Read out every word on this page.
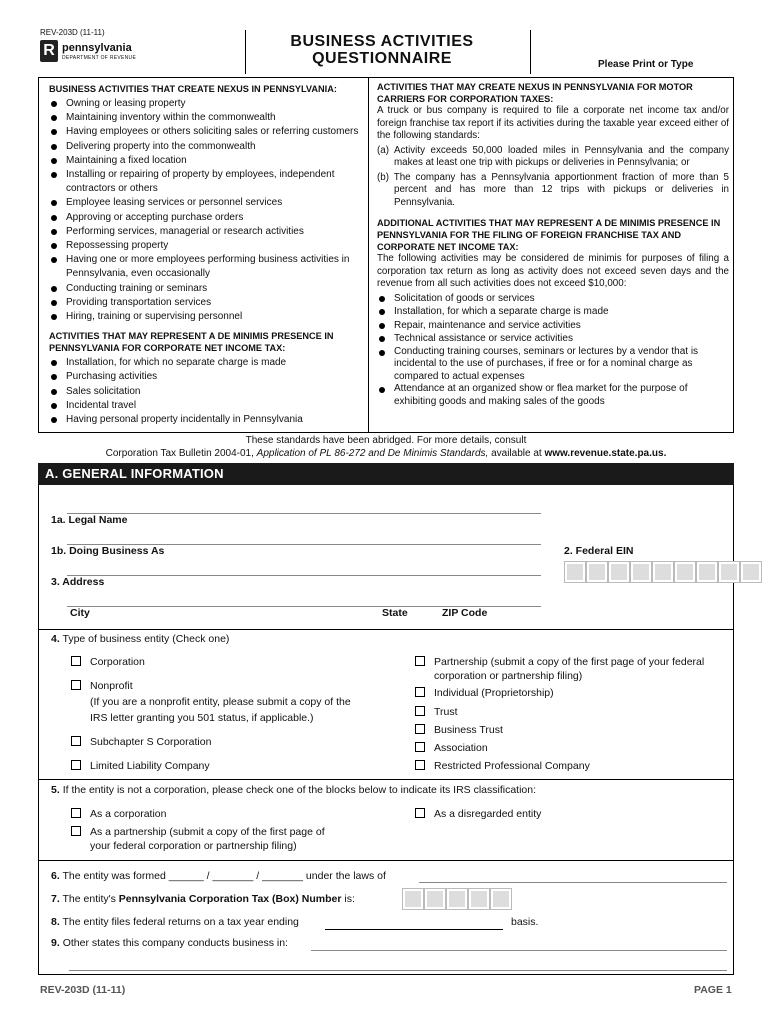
REV-203D (11-11)
R pennsylvania
DEPARTMENT OF REVENUE
BUSINESS ACTIVITIES
QUESTIONNAIRE	Please Print or Type
BUSINESS ACTIVITIES THAT CREATE NEXUS IN PENNSYLVANIA:
Owning or leasing property
Maintaining inventory within the commonwealth
Having employees or others soliciting sales or referring customers
Delivering property into the commonwealth
Maintaining a fixed location
Installing or repairing of property by employees, independent contractors or others
Employee leasing services or personnel services
Approving or accepting purchase orders
Performing services, managerial or research activities
Repossessing property
Having one or more employees performing business activities in Pennsylvania, even occasionally
Conducting training or seminars
Providing transportation services
Hiring, training or supervising personnel
ACTIVITIES THAT MAY REPRESENT A DE MINIMIS PRESENCE IN PENNSYLVANIA FOR CORPORATE NET INCOME TAX:
Installation, for which no separate charge is made
Purchasing activities
Sales solicitation
Incidental travel
Having personal property incidentally in Pennsylvania
ACTIVITIES THAT MAY CREATE NEXUS IN PENNSYLVANIA FOR MOTOR CARRIERS FOR CORPORATION TAXES:
A truck or bus company is required to file a corporate net income tax and/or foreign franchise tax report if its activities during the taxable year exceed either of the following standards:
(a) Activity exceeds 50,000 loaded miles in Pennsylvania and the company makes at least one trip with pickups or deliveries in Pennsylvania; or
(b) The company has a Pennsylvania apportionment fraction of more than 5 percent and has more than 12 trips with pickups or deliveries in Pennsylvania.
ADDITIONAL ACTIVITIES THAT MAY REPRESENT A DE MINIMIS PRESENCE IN PENNSYLVANIA FOR THE FILING OF FOREIGN FRANCHISE TAX AND CORPORATE NET INCOME TAX:
The following activities may be considered de minimis for purposes of filing a corporation tax return as long as activity does not exceed seven days and the revenue from all such activities does not exceed $10,000:
Solicitation of goods or services
Installation, for which a separate charge is made
Repair, maintenance and service activities
Technical assistance or service activities
Conducting training courses, seminars or lectures by a vendor that is incidental to the use of purchases, if free or for a nominal charge as compared to actual expenses
Attendance at an organized show or flea market for the purpose of exhibiting goods and making sales of the goods
These standards have been abridged. For more details, consult
Corporation Tax Bulletin 2004-01, Application of PL 86-272 and De Minimis Standards, available at www.revenue.state.pa.us.
A. GENERAL INFORMATION
1a. Legal Name
1b. Doing Business As	2. Federal EIN
3. Address
City	State	ZIP Code
4. Type of business entity (Check one)
Corporation
Nonprofit
(If you are a nonprofit entity, please submit a copy of the
IRS letter granting you 501 status, if applicable.)
Subchapter S Corporation
Limited Liability Company
Partnership (submit a copy of the first page of your federal
corporation or partnership filing)
Individual (Proprietorship)
Trust
Business Trust
Association
Restricted Professional Company
5. If the entity is not a corporation, please check one of the blocks below to indicate its IRS classification:
As a corporation
As a partnership (submit a copy of the first page of
your federal corporation or partnership filing)
As a disregarded entity
6. The entity was formed ______ / _______ / _______ under the laws of
7. The entity's Pennsylvania Corporation Tax (Box) Number is:
8. The entity files federal returns on a tax year ending	basis.
9. Other states this company conducts business in:
REV-203D (11-11)	PAGE 1
